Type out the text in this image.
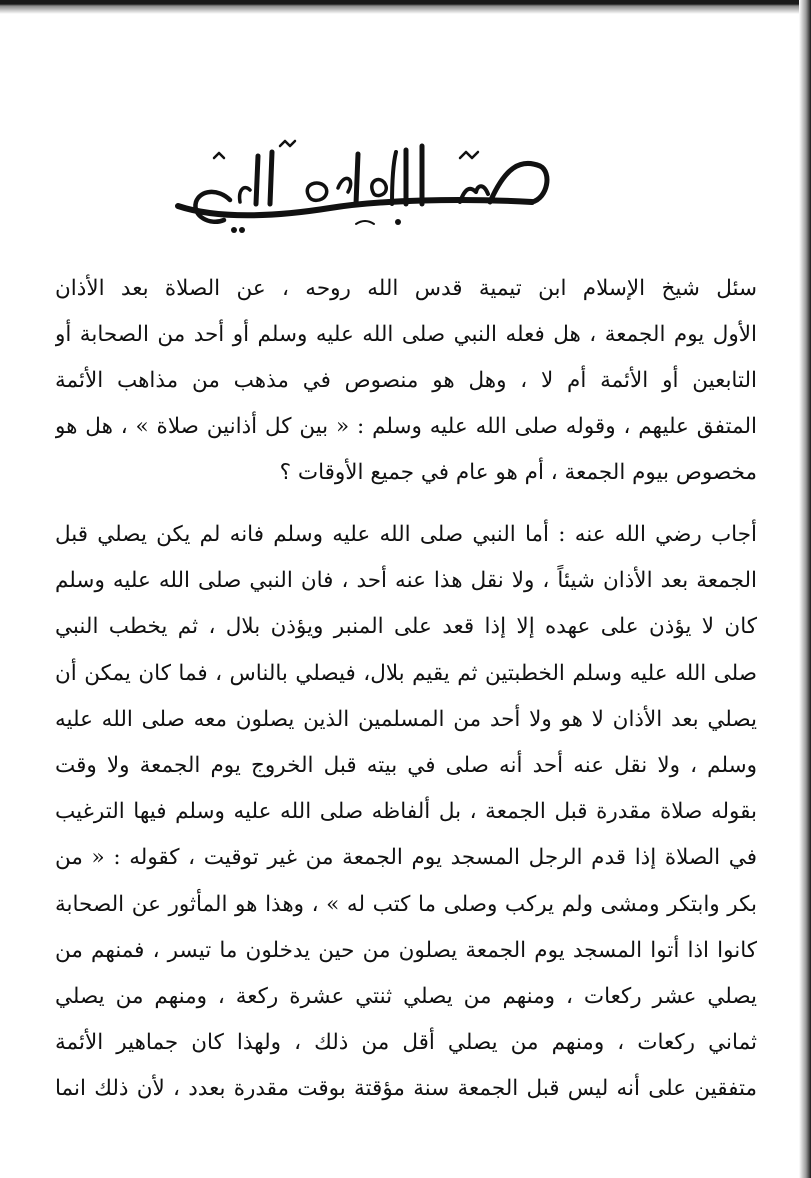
سئل شيخ الإسلام ابن تيمية قدس الله روحه ، عن الصلاة بعد الأذان
الأول يوم الجمعة ، هل فعله النبي صلى الله عليه وسلم أو أحد من الصحابة أو
التابعين أو الأئمة أم لا ، وهل هو منصوص في مذهب من مذاهب الأئمة
المتفق عليهم ، وقوله صلى الله عليه وسلم : « بين كل أذانين صلاة » ، هل هو
مخصوص بيوم الجمعة ، أم هو عام في جميع الأوقات ؟
أجاب رضي الله عنه : أما النبي صلى الله عليه وسلم فانه لم يكن يصلي قبل
الجمعة بعد الأذان شيئاً ، ولا نقل هذا عنه أحد ، فان النبي صلى الله عليه وسلم
كان لا يؤذن على عهده إلا إذا قعد على المنبر ويؤذن بلال ، ثم يخطب النبي
صلى الله عليه وسلم الخطبتين ثم يقيم بلال، فيصلي بالناس ، فما كان يمكن أن
يصلي بعد الأذان لا هو ولا أحد من المسلمين الذين يصلون معه صلى الله عليه
وسلم ، ولا نقل عنه أحد أنه صلى في بيته قبل الخروج يوم الجمعة ولا وقت
بقوله صلاة مقدرة قبل الجمعة ، بل ألفاظه صلى الله عليه وسلم فيها الترغيب
في الصلاة إذا قدم الرجل المسجد يوم الجمعة من غير توقيت ، كقوله : « من
بكر وابتكر ومشى ولم يركب وصلى ما كتب له » ، وهذا هو المأثور عن الصحابة
كانوا اذا أتوا المسجد يوم الجمعة يصلون من حين يدخلون ما تيسر ، فمنهم من
يصلي عشر ركعات ، ومنهم من يصلي ثنتي عشرة ركعة ، ومنهم من يصلي
ثماني ركعات ، ومنهم من يصلي أقل من ذلك ، ولهذا كان جماهير الأئمة
متفقين على أنه ليس قبل الجمعة سنة مؤقتة بوقت مقدرة بعدد ، لأن ذلك انما
